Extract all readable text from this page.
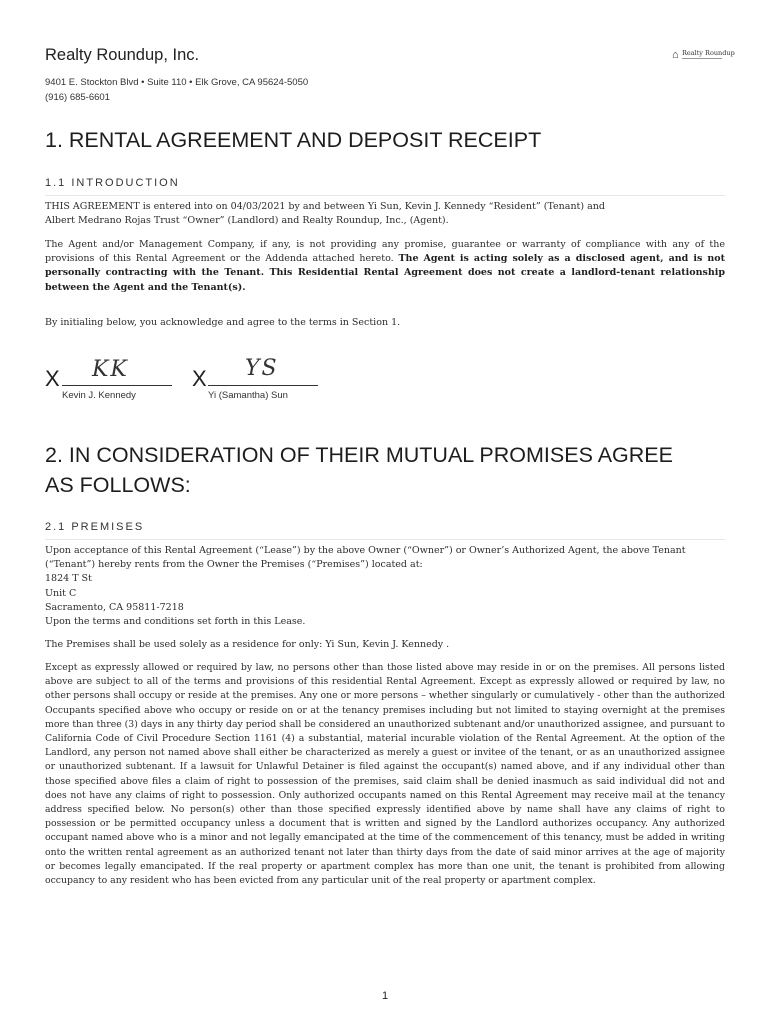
Realty Roundup, Inc.
9401 E. Stockton Blvd • Suite 110 • Elk Grove, CA 95624-5050
(916) 685-6601
⌂ Realty Roundup
1. RENTAL AGREEMENT AND DEPOSIT RECEIPT
1.1 INTRODUCTION

THIS AGREEMENT is entered into on 04/03/2021 by and between Yi Sun, Kevin J. Kennedy “Resident” (Tenant) and
Albert Medrano Rojas Trust “Owner” (Landlord) and Realty Roundup, Inc., (Agent).

The Agent and/or Management Company, if any, is not providing any promise, guarantee or warranty of compliance with any of the provisions of this Rental Agreement or the Addenda attached hereto. The Agent is acting solely as a disclosed agent, and is not personally contracting with the Tenant. This Residential Rental Agreement does not create a landlord-tenant relationship between the Agent and the Tenant(s).

By initialing below, you acknowledge and agree to the terms in Section 1.

X KK
Kevin J. Kennedy
X YS
Yi (Samantha) Sun
2. IN CONSIDERATION OF THEIR MUTUAL PROMISES AGREE
AS FOLLOWS:
2.1 PREMISES

Upon acceptance of this Rental Agreement (“Lease”) by the above Owner (“Owner”) or Owner’s Authorized Agent, the above Tenant
(“Tenant”) hereby rents from the Owner the Premises (“Premises”) located at:
1824 T St
Unit C
Sacramento, CA 95811-7218
Upon the terms and conditions set forth in this Lease.

The Premises shall be used solely as a residence for only: Yi Sun, Kevin J. Kennedy .

Except as expressly allowed or required by law, no persons other than those listed above may reside in or on the premises. All persons listed above are subject to all of the terms and provisions of this residential Rental Agreement. Except as expressly allowed or required by law, no other persons shall occupy or reside at the premises. Any one or more persons – whether singularly or cumulatively - other than the authorized Occupants specified above who occupy or reside on or at the tenancy premises including but not limited to staying overnight at the premises more than three (3) days in any thirty day period shall be considered an unauthorized subtenant and/or unauthorized assignee, and pursuant to California Code of Civil Procedure Section 1161 (4) a substantial, material incurable violation of the Rental Agreement. At the option of the Landlord, any person not named above shall either be characterized as merely a guest or invitee of the tenant, or as an unauthorized assignee or unauthorized subtenant. If a lawsuit for Unlawful Detainer is filed against the occupant(s) named above, and if any individual other than those specified above files a claim of right to possession of the premises, said claim shall be denied inasmuch as said individual did not and does not have any claims of right to possession. Only authorized occupants named on this Rental Agreement may receive mail at the tenancy address specified below. No person(s) other than those specified expressly identified above by name shall have any claims of right to possession or be permitted occupancy unless a document that is written and signed by the Landlord authorizes occupancy. Any authorized occupant named above who is a minor and not legally emancipated at the time of the commencement of this tenancy, must be added in writing onto the written rental agreement as an authorized tenant not later than thirty days from the date of said minor arrives at the age of majority or becomes legally emancipated. If the real property or apartment complex has more than one unit, the tenant is prohibited from allowing occupancy to any resident who has been evicted from any particular unit of the real property or apartment complex.

1
